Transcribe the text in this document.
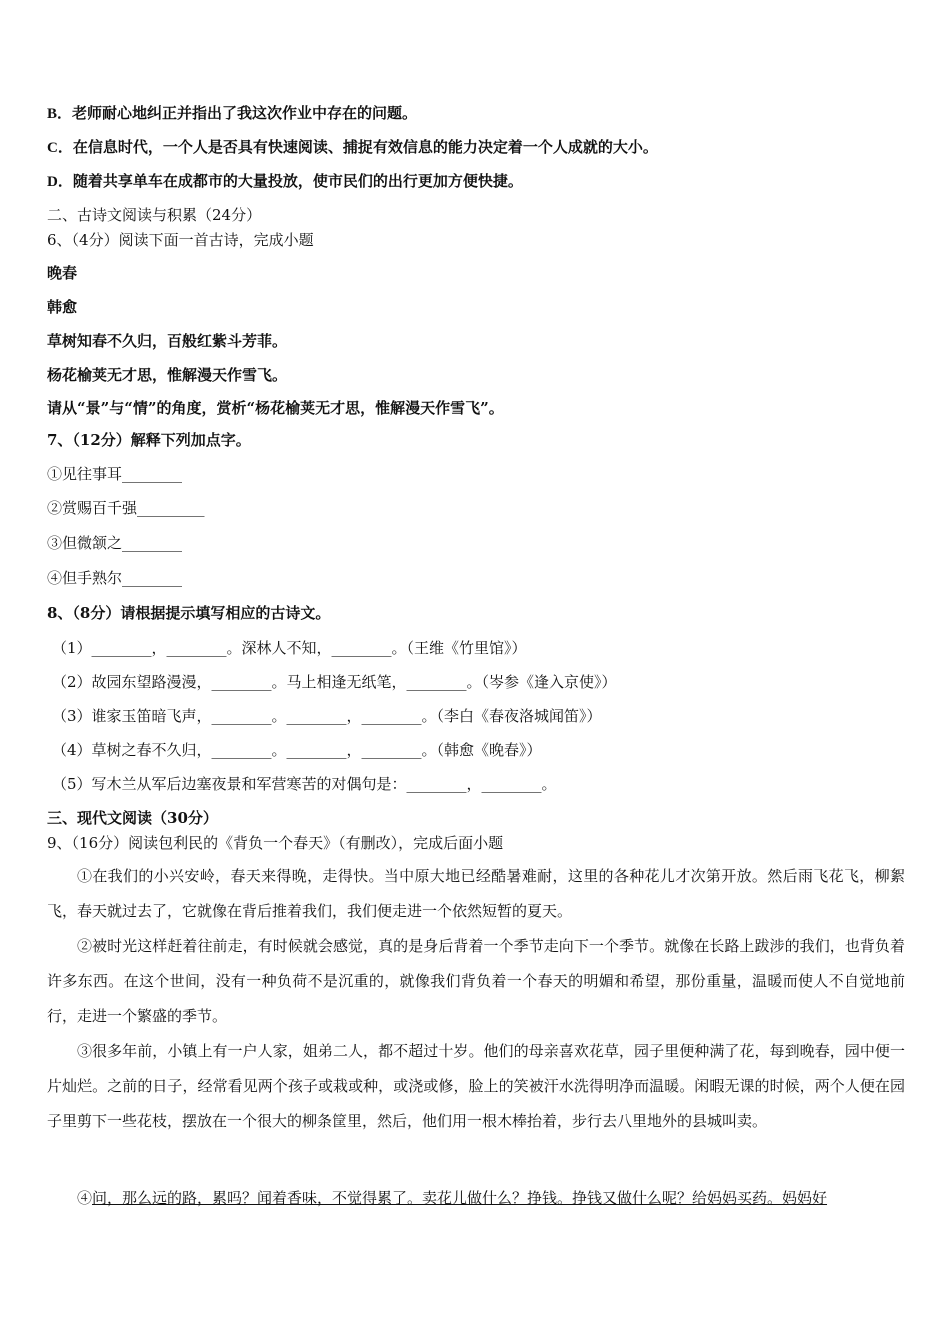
B．老师耐心地纠正并指出了我这次作业中存在的问题。
C．在信息时代，一个人是否具有快速阅读、捕捉有效信息的能力决定着一个人成就的大小。
D．随着共享单车在成都市的大量投放，使市民们的出行更加方便快捷。
二、古诗文阅读与积累（24分）
6、（4分）阅读下面一首古诗，完成小题
晚春
韩愈
草树知春不久归，百般红紫斗芳菲。
杨花榆荚无才思，惟解漫天作雪飞。
请从“景”与“情”的角度，赏析“杨花榆荚无才思，惟解漫天作雪飞”。
7、（12分）解释下列加点字。
①见往事耳________
②赏赐百千强_________
③但微颔之________
④但手熟尔________
8、（8分）请根据提示填写相应的古诗文。
（1）________，________。深林人不知，________。（王维《竹里馆》）
（2）故园东望路漫漫，________。马上相逢无纸笔，________。（岑参《逢入京使》）
（3）谁家玉笛暗飞声，________。________，________。（李白《春夜洛城闻笛》）
（4）草树之春不久归，________。________，________。（韩愈《晚春》）
（5）写木兰从军后边塞夜景和军营寒苦的对偶句是：________，________。
三、现代文阅读（30分）
9、（16分）阅读包利民的《背负一个春天》（有删改），完成后面小题
①在我们的小兴安岭，春天来得晚，走得快。当中原大地已经酷暑难耐，这里的各种花儿才次第开放。然后雨飞花飞，柳絮飞，春天就过去了，它就像在背后推着我们，我们便走进一个依然短暂的夏天。
②被时光这样赶着往前走，有时候就会感觉，真的是身后背着一个季节走向下一个季节。就像在长路上跋涉的我们，也背负着许多东西。在这个世间，没有一种负荷不是沉重的，就像我们背负着一个春天的明媚和希望，那份重量，温暖而使人不自觉地前行，走进一个繁盛的季节。
③很多年前，小镇上有一户人家，姐弟二人，都不超过十岁。他们的母亲喜欢花草，园子里便种满了花，每到晚春，园中便一片灿烂。之前的日子，经常看见两个孩子或栽或种，或浇或修，脸上的笑被汗水洗得明净而温暖。闲暇无课的时候，两个人便在园子里剪下一些花枝，摆放在一个很大的柳条筐里，然后，他们用一根木棒抬着，步行去八里地外的县城叫卖。
④问，那么远的路，累吗？闻着香味，不觉得累了。卖花儿做什么？挣钱。挣钱又做什么呢？给妈妈买药。妈妈好
